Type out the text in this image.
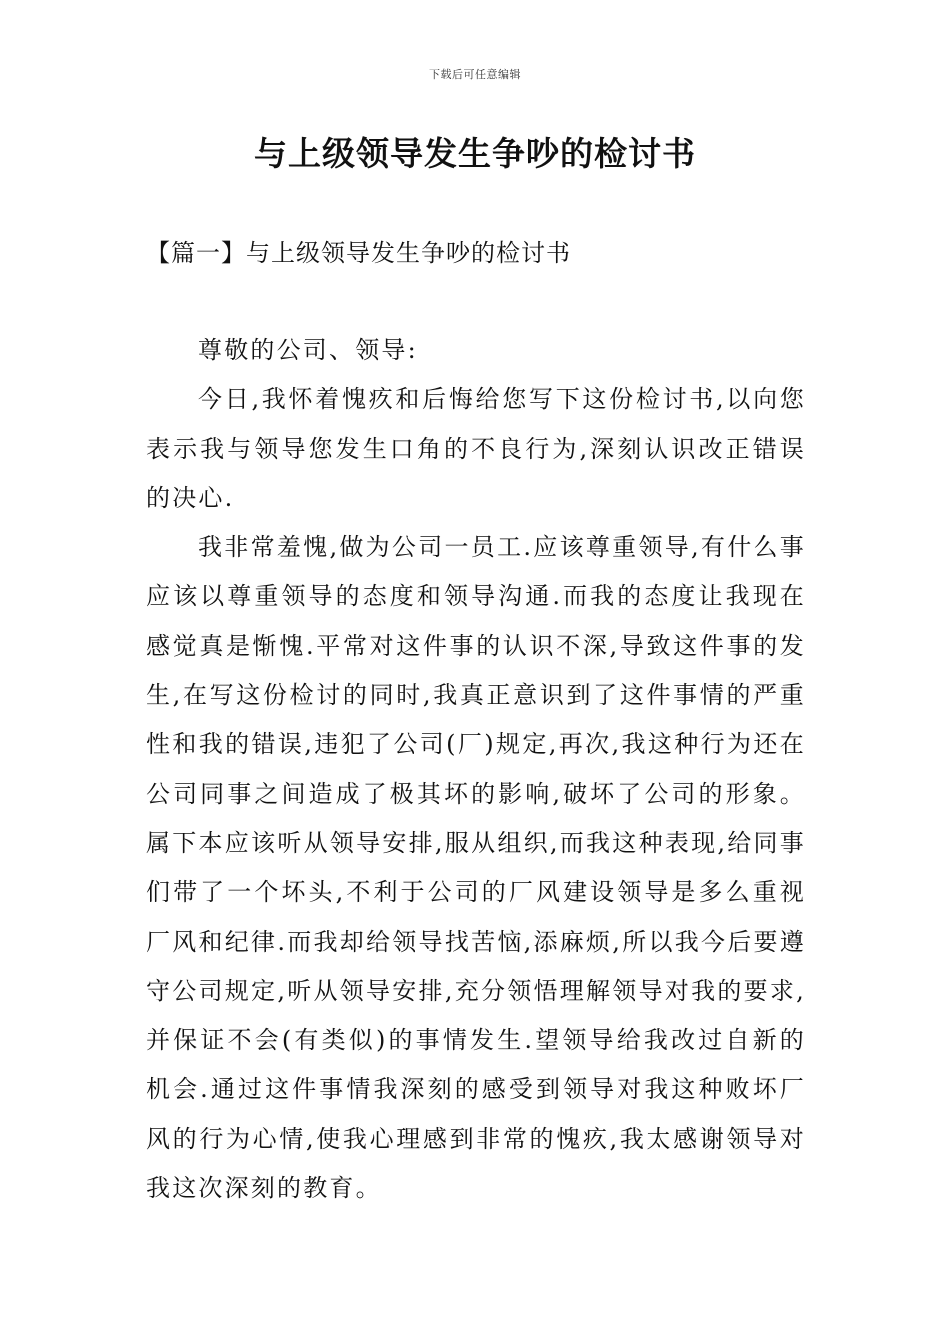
下载后可任意编辑
与上级领导发生争吵的检讨书
【篇一】与上级领导发生争吵的检讨书

尊敬的公司、领导:

今日,我怀着愧疚和后悔给您写下这份检讨书,以向您表示我与领导您发生口角的不良行为,深刻认识改正错误的决心.

我非常羞愧,做为公司一员工.应该尊重领导,有什么事应该以尊重领导的态度和领导沟通.而我的态度让我现在感觉真是惭愧.平常对这件事的认识不深,导致这件事的发生,在写这份检讨的同时,我真正意识到了这件事情的严重性和我的错误,违犯了公司(厂)规定,再次,我这种行为还在公司同事之间造成了极其坏的影响,破坏了公司的形象。属下本应该听从领导安排,服从组织,而我这种表现,给同事们带了一个坏头,不利于公司的厂风建设领导是多么重视厂风和纪律.而我却给领导找苦恼,添麻烦,所以我今后要遵守公司规定,听从领导安排,充分领悟理解领导对我的要求,并保证不会(有类似)的事情发生.望领导给我改过自新的机会.通过这件事情我深刻的感受到领导对我这种败坏厂风的行为心情,使我心理感到非常的愧疚,我太感谢领导对我这次深刻的教育。
